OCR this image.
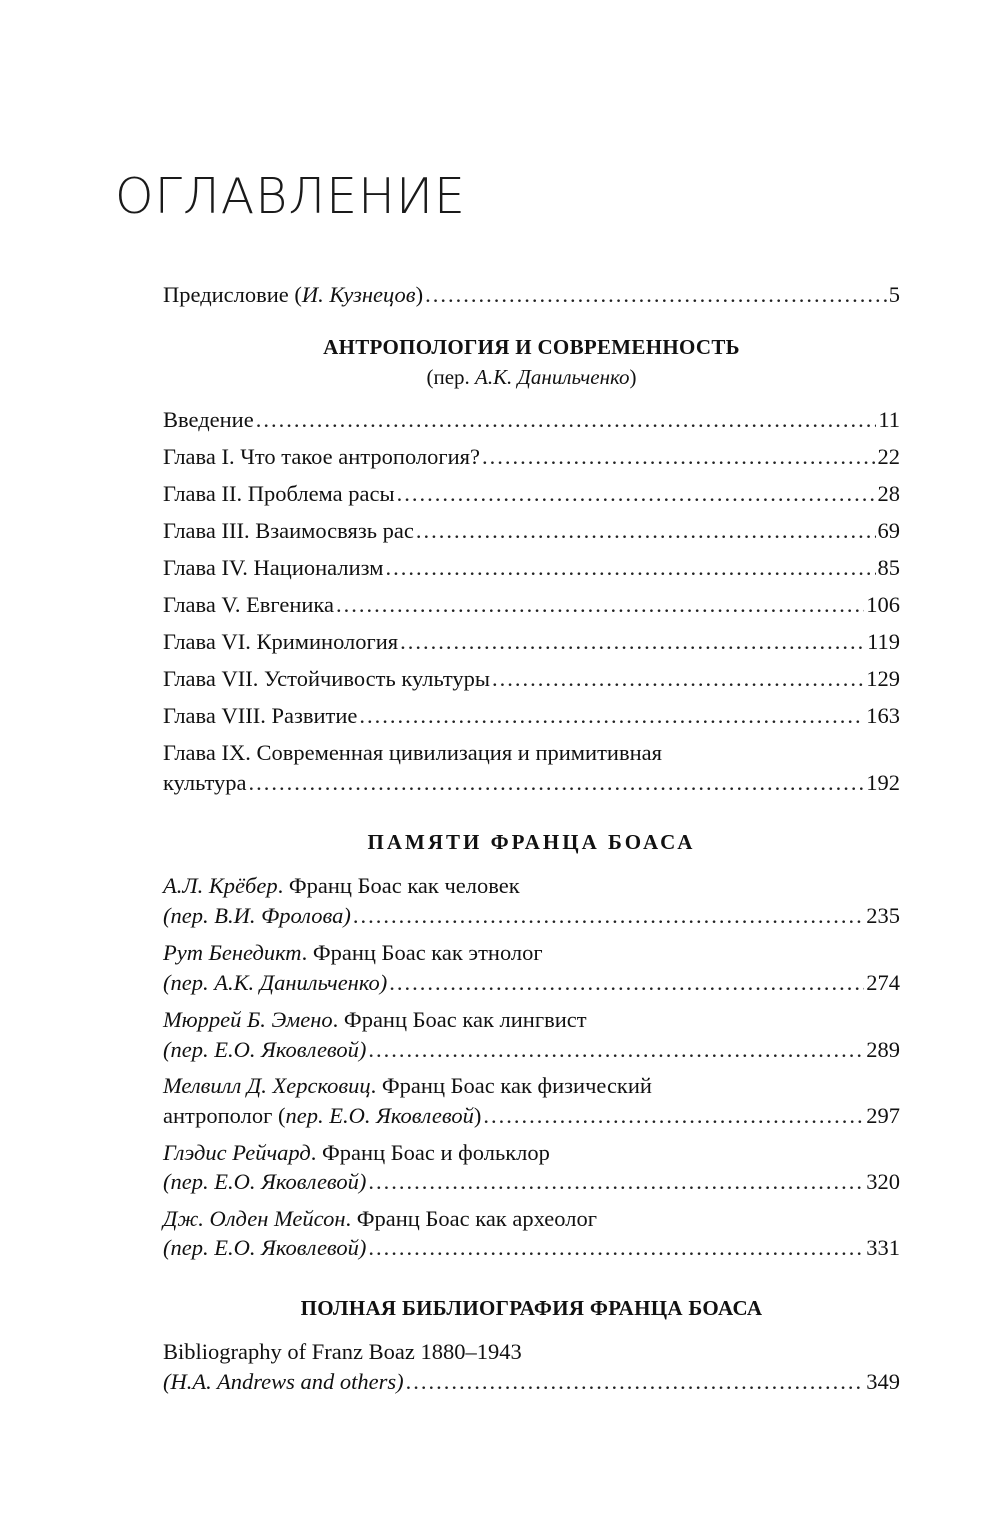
ОГЛАВЛЕНИЕ
Предисловие (И. Кузнецов) .....	5
АНТРОПОЛОГИЯ И СОВРЕМЕННОСТЬ
(пер. А.К. Данильченко)
Введение .....	11
Глава I. Что такое антропология? .....	22
Глава II. Проблема расы .....	28
Глава III. Взаимосвязь рас .....	69
Глава IV. Национализм .....	85
Глава V. Евгеника .....	106
Глава VI. Криминология .....	119
Глава VII. Устойчивость культуры .....	129
Глава VIII. Развитие .....	163
Глава IX. Современная цивилизация и примитивная
культура .....	192
ПАМЯТИ ФРАНЦА БОАСА
А.Л. Крёбер. Франц Боас как человек
(пер. В.И. Фролова) .....	235
Рут Бенедикт. Франц Боас как этнолог
(пер. А.К. Данильченко) .....	274
Мюррей Б. Эмено. Франц Боас как лингвист
(пер. Е.О. Яковлевой) .....	289
Мелвилл Д. Херсковиц. Франц Боас как физический
антрополог (пер. Е.О. Яковлевой) .....	297
Глэдис Рейчард. Франц Боас и фольклор
(пер. Е.О. Яковлевой) .....	320
Дж. Олден Мейсон. Франц Боас как археолог
(пер. Е.О. Яковлевой) .....	331
ПОЛНАЯ БИБЛИОГРАФИЯ ФРАНЦА БОАСА
Bibliography of Franz Boaz 1880–1943
(H.A. Andrews and others) .....	349
